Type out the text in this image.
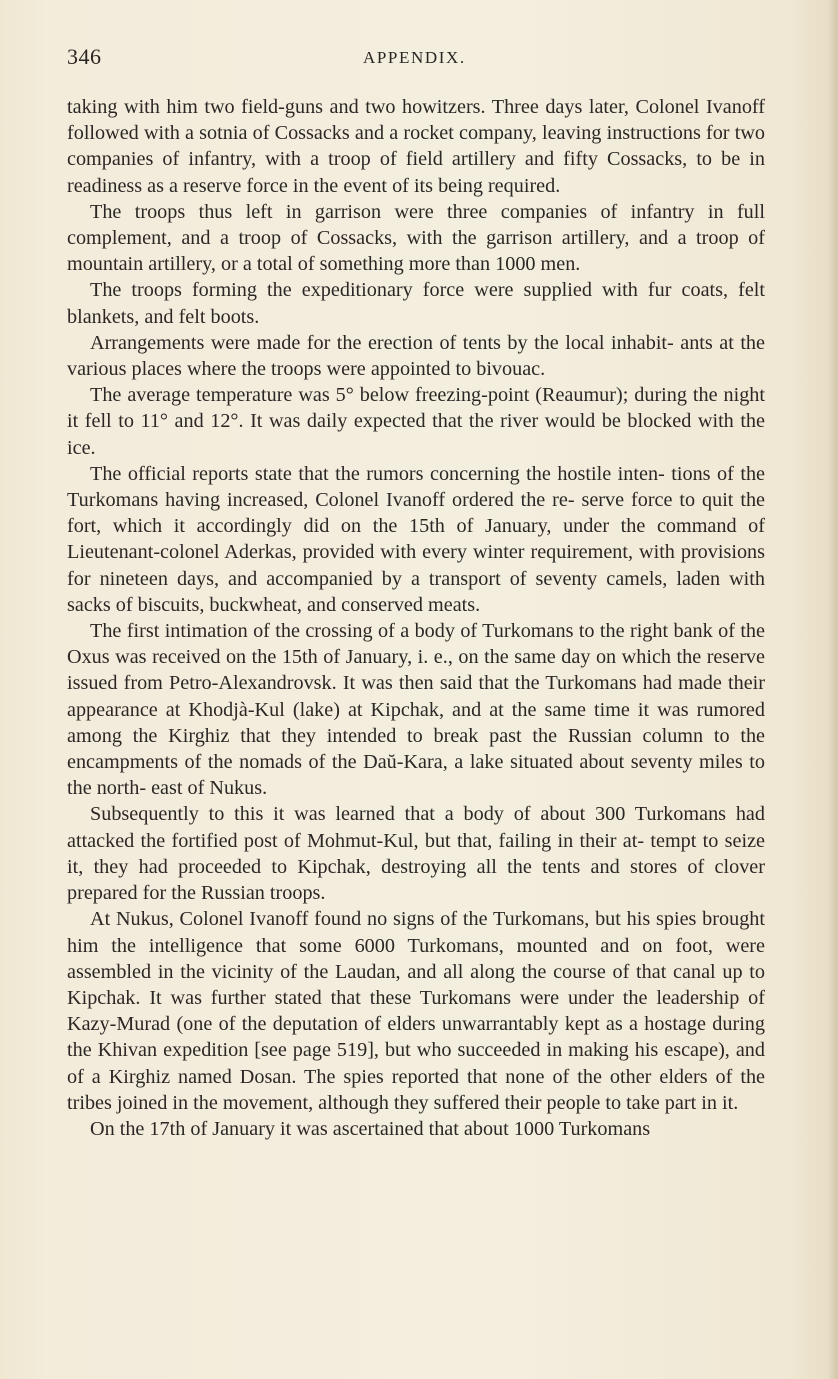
346	APPENDIX.

taking with him two field-guns and two howitzers. Three days later, Colonel Ivanoff followed with a sotnia of Cossacks and a rocket company, leaving instructions for two companies of infantry, with a troop of field artillery and fifty Cossacks, to be in readiness as a reserve force in the event of its being required.

The troops thus left in garrison were three companies of infantry in full complement, and a troop of Cossacks, with the garrison artillery, and a troop of mountain artillery, or a total of something more than 1000 men.

The troops forming the expeditionary force were supplied with fur coats, felt blankets, and felt boots.

Arrangements were made for the erection of tents by the local inhabit- ants at the various places where the troops were appointed to bivouac.

The average temperature was 5° below freezing-point (Reaumur); during the night it fell to 11° and 12°. It was daily expected that the river would be blocked with the ice.

The official reports state that the rumors concerning the hostile inten- tions of the Turkomans having increased, Colonel Ivanoff ordered the re- serve force to quit the fort, which it accordingly did on the 15th of January, under the command of Lieutenant-colonel Aderkas, provided with every winter requirement, with provisions for nineteen days, and accompanied by a transport of seventy camels, laden with sacks of biscuits, buckwheat, and conserved meats.

The first intimation of the crossing of a body of Turkomans to the right bank of the Oxus was received on the 15th of January, i. e., on the same day on which the reserve issued from Petro-Alexandrovsk. It was then said that the Turkomans had made their appearance at Khodjà-Kul (lake) at Kipchak, and at the same time it was rumored among the Kirghiz that they intended to break past the Russian column to the encampments of the nomads of the Daŭ-Kara, a lake situated about seventy miles to the north- east of Nukus.

Subsequently to this it was learned that a body of about 300 Turkomans had attacked the fortified post of Mohmut-Kul, but that, failing in their at- tempt to seize it, they had proceeded to Kipchak, destroying all the tents and stores of clover prepared for the Russian troops.

At Nukus, Colonel Ivanoff found no signs of the Turkomans, but his spies brought him the intelligence that some 6000 Turkomans, mounted and on foot, were assembled in the vicinity of the Laudan, and all along the course of that canal up to Kipchak. It was further stated that these Turkomans were under the leadership of Kazy-Murad (one of the deputation of elders unwarrantably kept as a hostage during the Khivan expedition [see page 519], but who succeeded in making his escape), and of a Kirghiz named Dosan. The spies reported that none of the other elders of the tribes joined in the movement, although they suffered their people to take part in it.

On the 17th of January it was ascertained that about 1000 Turkomans
